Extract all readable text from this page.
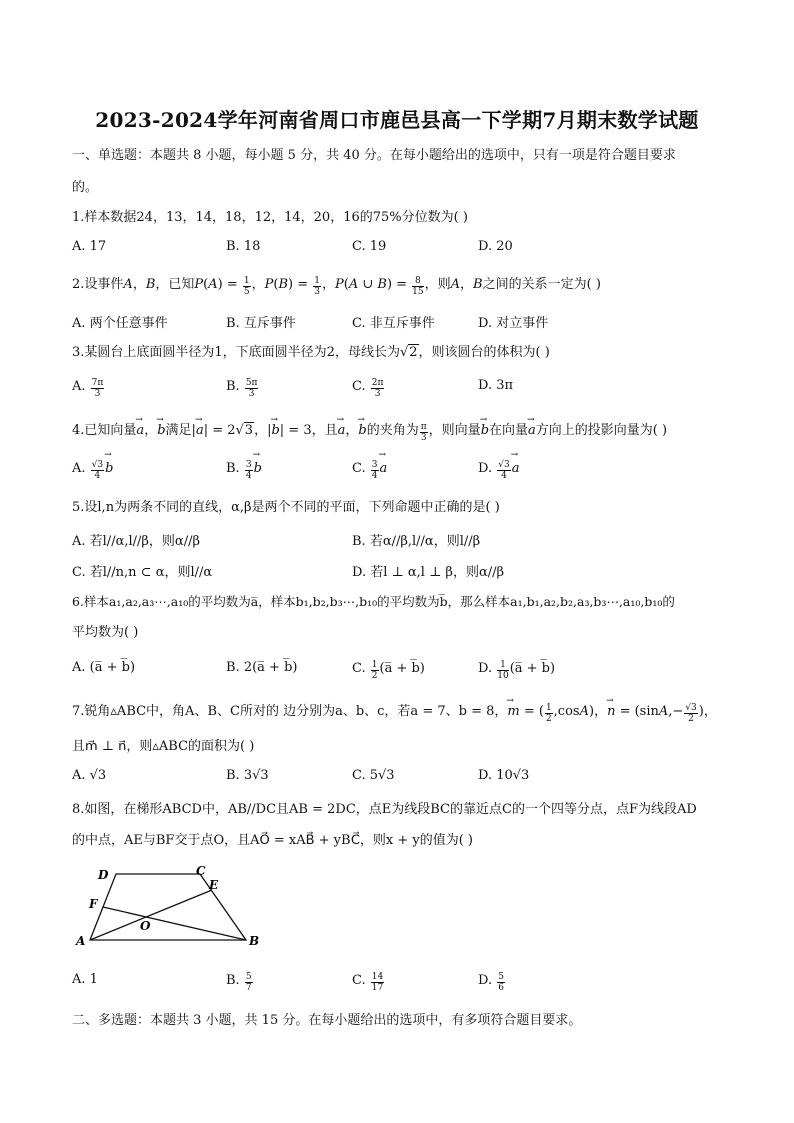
2023-2024学年河南省周口市鹿邑县高一下学期7月期末数学试题
一、单选题：本题共 8 小题，每小题 5 分，共 40 分。在每小题给出的选项中，只有一项是符合题目要求
的。
1.样本数据24，13，14，18，12，14，20，16的75%分位数为( )
A. 17	B. 18	C. 19	D. 20
2.设事件A，B，已知$P(A) = \frac{1}{5}$ ，$P(B) = \frac{1}{3}$ ，P(A ∪ $B) = \frac{8}{15}$ ，则A，B之间的关系一定为( )
A. 两个任意事件	B. 互斥事件	C. 非互斥事件	D. 对立事件
3.某圆台上底面圆半径为1，下底面圆半径为2，母线长为√2，则该圆台的体积为( )
A. $\frac{7\pi}{3}$	B. $\frac{5\pi}{3}$	C. $\frac{2\pi}{3}$	D. 3π
4.已知向量→ a，→ b满足|→ a| = 2√3，|→ b| = 3，且→ a，→ b的夹角为 $\frac{\pi}{3}$ ，则向量→ b在向量→ a方向上的投影向量为( )
A. $\frac{√3}{4} \to b$	B. $\frac{3}{4} \to b$	C. $\frac{3}{4} \to a$	D. $\frac{√3}{4} \to a$
5.设l,n为两条不同的直线，α,β是两个不同的平面，下列命题中正确的是( )
A. 若l//α,l//β，则α//β	B. 若α//β,l//α，则l//β
C. 若l//n,n ⊂ α，则l//α	D. 若l ⊥ α,l ⊥ β，则α//β
6.样本a₁,a₂,a₃⋯,a₁₀的平均数为a̅，样本b₁,b₂,b₃⋯,b₁₀的平均数为b̅，那么样本a₁,b₁,a₂,b₂,a₃,b₃⋯,a₁₀,b₁₀的
平均数为( )
A. (a̅ + b̅)	B. 2(a̅ + b̅)	C. $\frac{1}{2}$ (a̅ + b̅)	D. $\frac{1}{10}$ (a̅ + b̅)
7.锐角▵ABC中，角A、B、C所对的 边分别为a、b、c，若a = 7、b = 8，→ m = ( $\frac{1}{2} ,\cos A$)，→ $n = (\sin A,- \frac{√3}{2}$ )，
且m⃗ ⊥ n⃗，则▵ABC的面积为( )
A. √3	B. 3√3	C. 5√3	D. 10√3
8.如图，在梯形ABCD中，AB//DC且AB = 2DC，点E为线段BC的靠近点C的一个四等分点，点F为线段AD
的中点，AE与BF交于点O，且AO⃗ = xAB⃗ + yBC⃗，则x + y的值为( )
D	C
E
F
O
A	B
A. 1	B. $\frac{5}{7}$	C. $\frac{14}{17}$	D. $\frac{5}{6}$
二、多选题：本题共 3 小题，共 15 分。在每小题给出的选项中，有多项符合题目要求。
